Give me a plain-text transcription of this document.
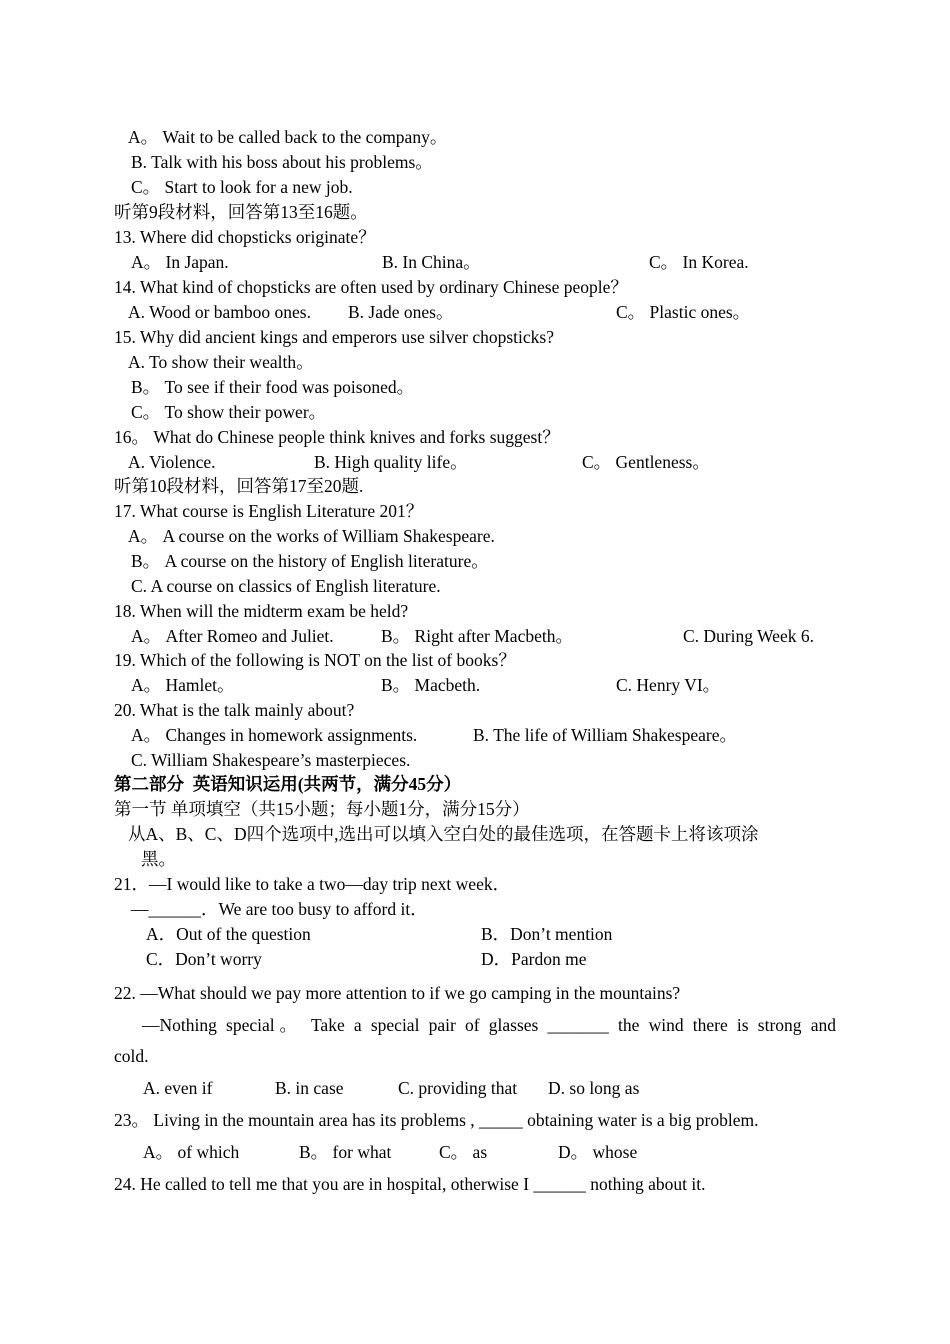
A。 Wait to be called back to the company。
B. Talk with his boss about his problems。
C。 Start to look for a new job.
听第9段材料，回答第13至16题。
13. Where did chopsticks originate？
A。 In Japan.	B. In China。	C。 In Korea.
14. What kind of chopsticks are often used by ordinary Chinese people？
A. Wood or bamboo ones. B. Jade ones。	C。 Plastic ones。
15. Why did ancient kings and emperors use silver chopsticks?
A. To show their wealth。
B。 To see if their food was poisoned。
C。 To show their power。
16。 What do Chinese people think knives and forks suggest？
A. Violence.	B. High quality life。	C。 Gentleness。
听第10段材料，回答第17至20题.
17. What course is English Literature 201？
A。 A course on the works of William Shakespeare.
B。 A course on the history of English literature。
C. A course on classics of English literature.
18. When will the midterm exam be held?
A。 After Romeo and Juliet.	B。 Right after Macbeth。	C. During Week 6.
19. Which of the following is NOT on the list of books？
A。 Hamlet。	B。 Macbeth.	C. Henry VI。
20. What is the talk mainly about?
A。 Changes in homework assignments.	B. The life of William Shakespeare。
C. William Shakespeare’s masterpieces.
第二部分  英语知识运用(共两节，满分45分）
第一节 单项填空（共15小题；每小题1分，满分15分）
从A、B、C、D四个选项中,选出可以填入空白处的最佳选项，在答题卡上将该项涂
黑。
21．—I would like to take a two—day trip next week．
—______．We are too busy to afford it．
A．Out of the question	B．Don’t mention
C．Don’t worry	D．Pardon me
22. —What should we pay more attention to if we go camping in the mountains?
—Nothing special。 Take a special pair of glasses _______ the wind there is strong and
cold.
A. even if	B. in case	C. providing that D. so long as
23。 Living in the mountain area has its problems , _____ obtaining water is a big problem.
A。 of which	B。 for what	C。 as	D。 whose
24. He called to tell me that you are in hospital, otherwise I ______ nothing about it.
